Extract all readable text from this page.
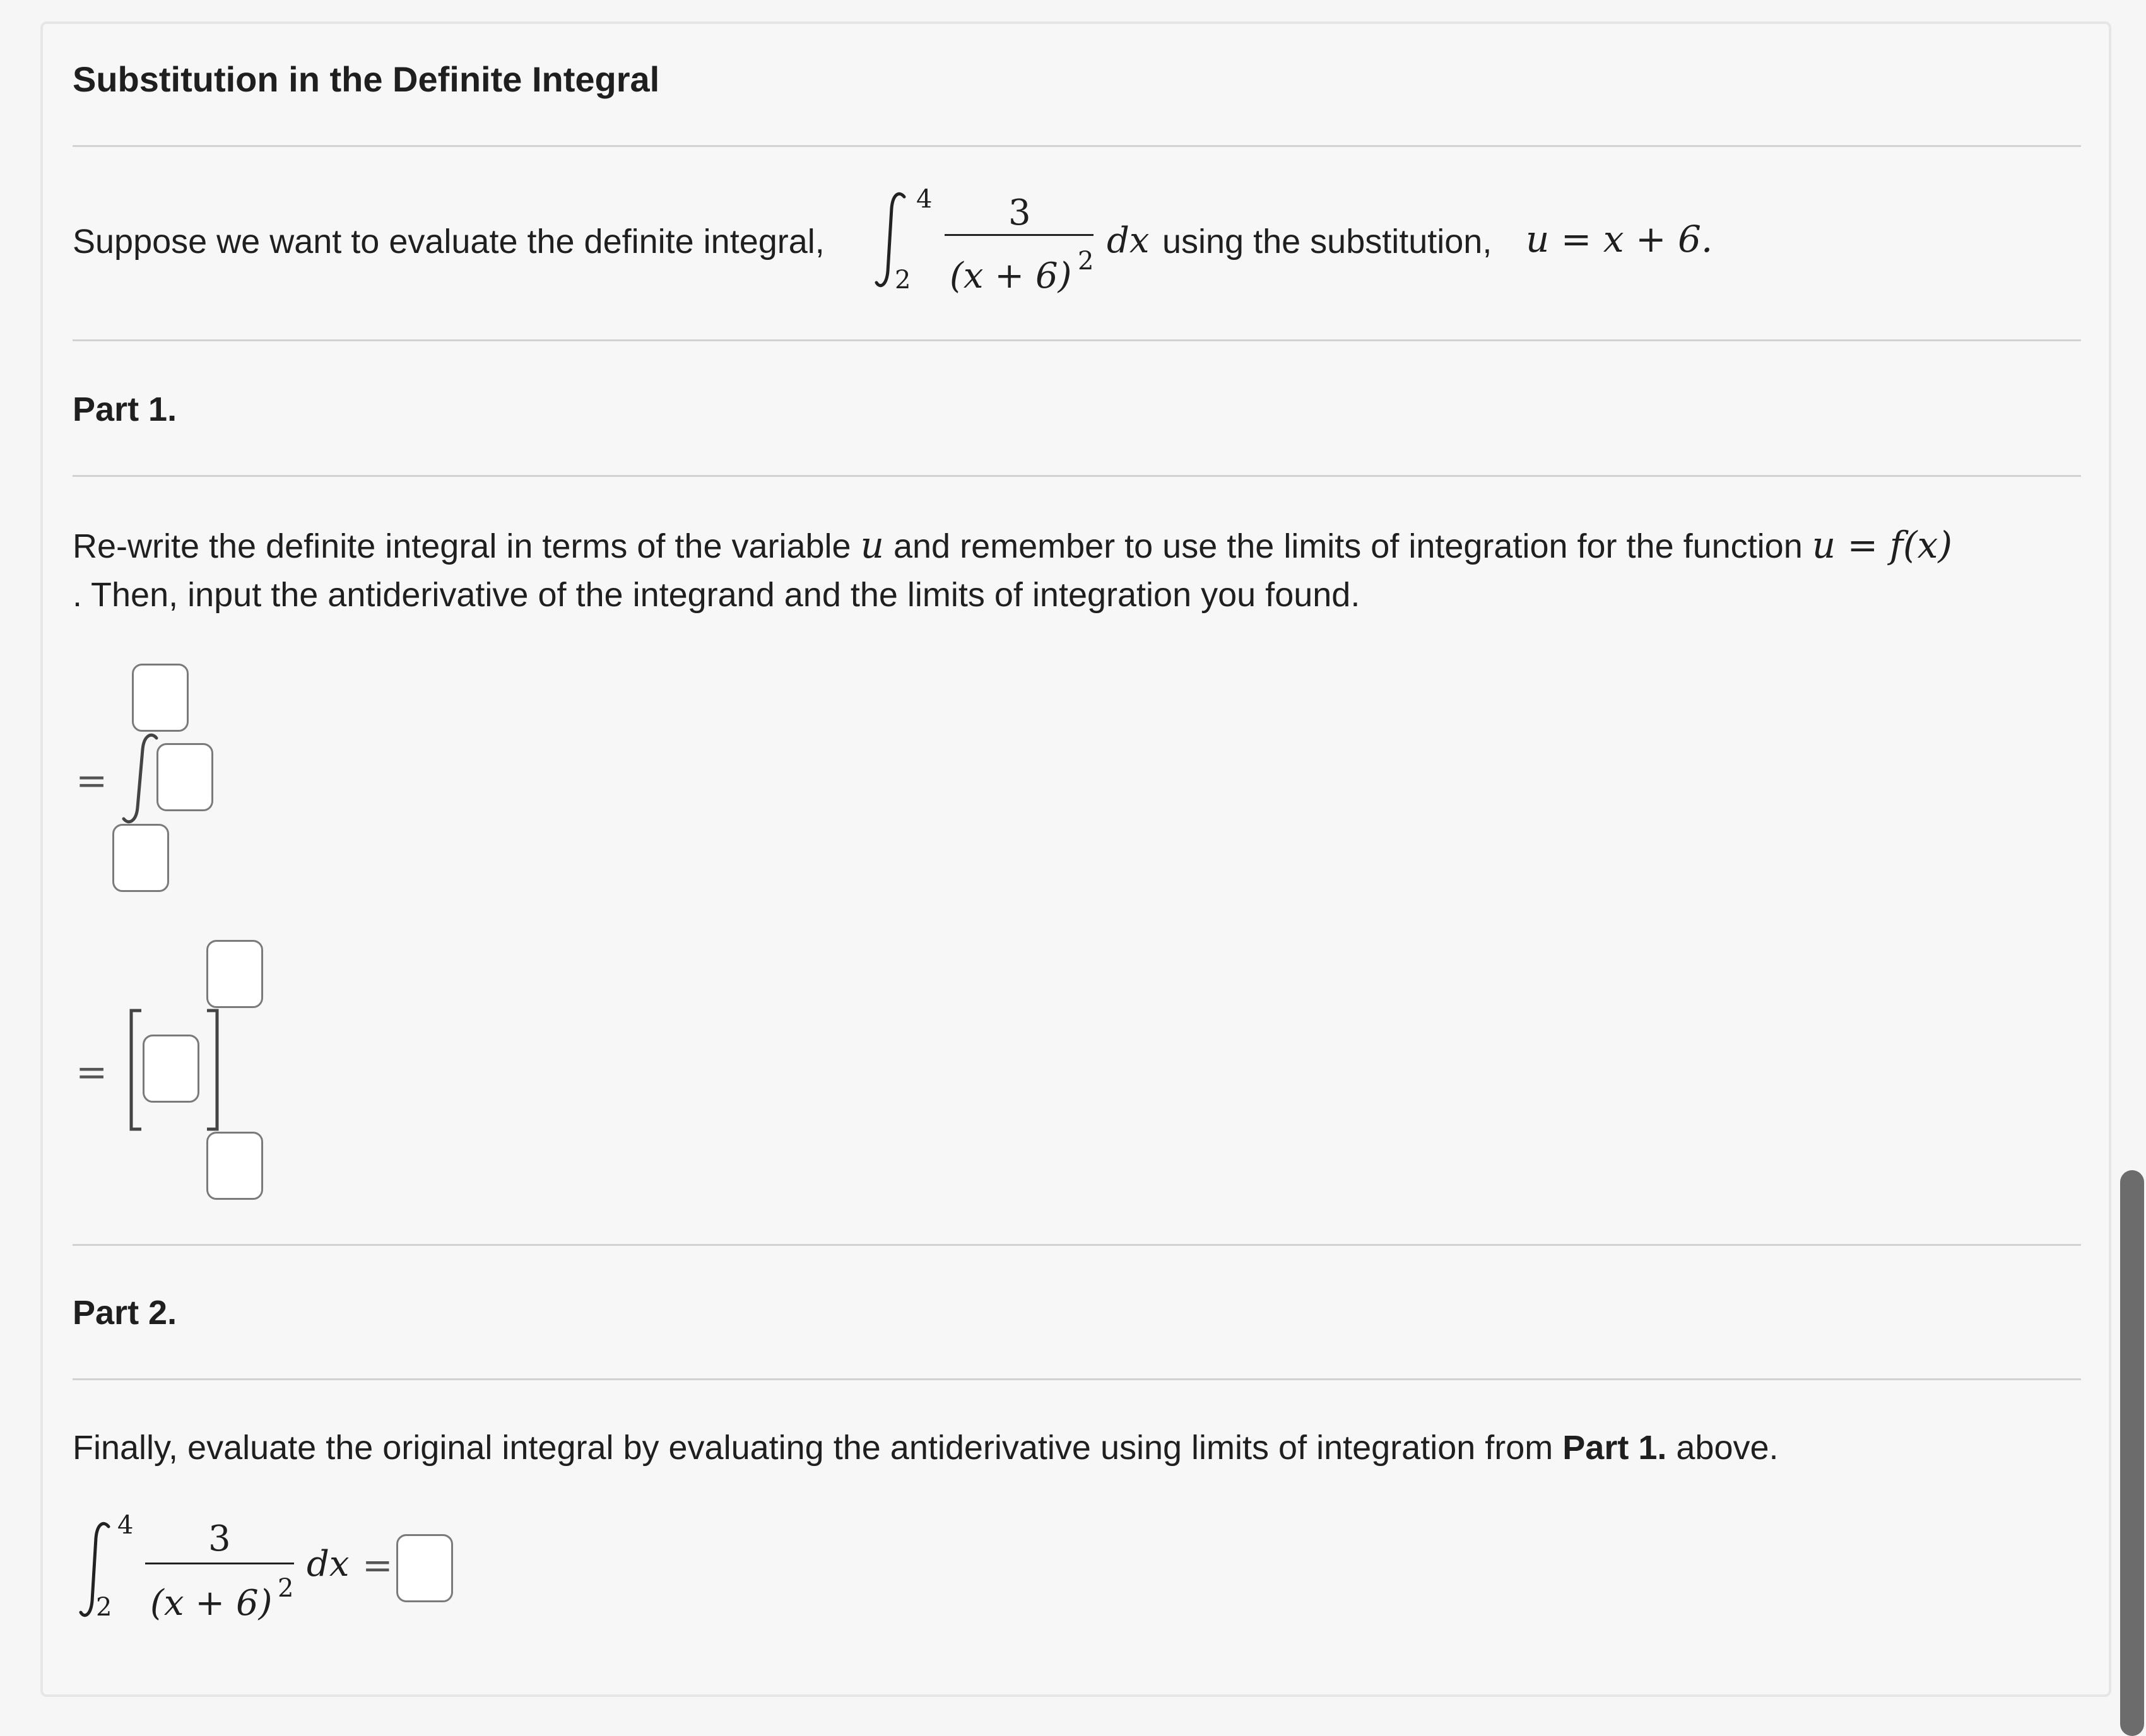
Substitution in the Definite Integral
Suppose we want to evaluate the definite integral,
4
2
3
(x + 6) 2 dx using the substitution, u = x + 6.
Part 1.
Re-write the definite integral in terms of the variable u and remember to use the limits of integration for the function u = f(x)
. Then, input the antiderivative of the integrand and the limits of integration you found.
=
=
Part 2.
Finally, evaluate the original integral by evaluating the antiderivative using limits of integration from Part 1. above.
4
2
3
(x + 6) 2
dx =
